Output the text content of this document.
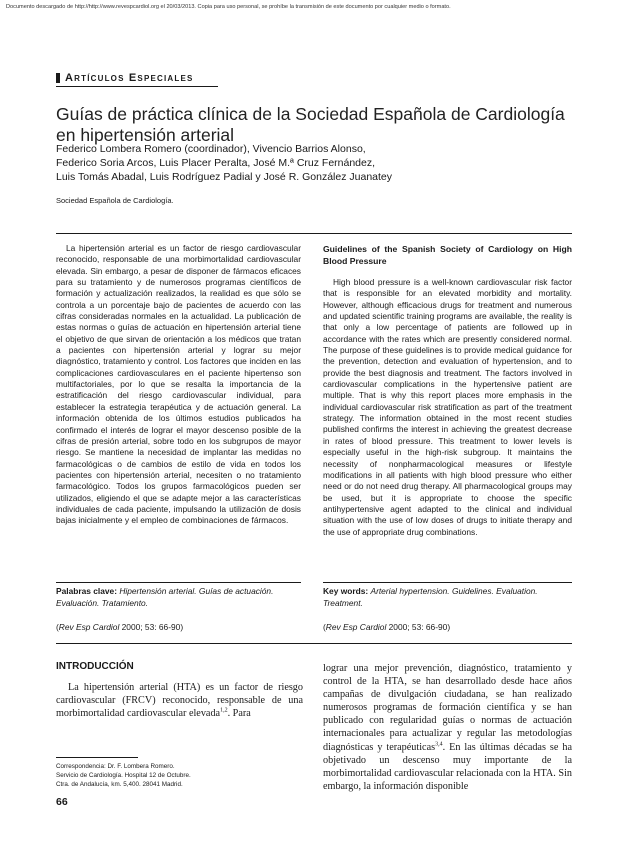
Documento descargado de http://http://www.revespcardiol.org el 20/03/2013. Copia para uso personal, se prohíbe la transmisión de este documento por cualquier medio o formato.
Artículos Especiales
Guías de práctica clínica de la Sociedad Española de Cardiología en hipertensión arterial
Federico Lombera Romero (coordinador), Vivencio Barrios Alonso,
Federico Soria Arcos, Luis Placer Peralta, José M.ª Cruz Fernández,
Luis Tomás Abadal, Luis Rodríguez Padial y José R. González Juanatey
Sociedad Española de Cardiología.

La hipertensión arterial es un factor de riesgo cardiovascular reconocido, responsable de una morbimortalidad cardiovascular elevada. Sin embargo, a pesar de disponer de fármacos eficaces para su tratamiento y de numerosos programas científicos de formación y actualización realizados, la realidad es que sólo se controla a un porcentaje bajo de pacientes de acuerdo con las cifras consideradas normales en la actualidad. La publicación de estas normas o guías de actuación en hipertensión arterial tiene el objetivo de que sirvan de orientación a los médicos que tratan a pacientes con hipertensión arterial y lograr su mejor diagnóstico, tratamiento y control. Los factores que inciden en las complicaciones cardiovasculares en el paciente hipertenso son multifactoriales, por lo que se resalta la importancia de la estratificación del riesgo cardiovascular individual, para establecer la estrategia terapéutica y de actuación general. La información obtenida de los últimos estudios publicados ha confirmado el interés de lograr el mayor descenso posible de la cifras de presión arterial, sobre todo en los subgrupos de mayor riesgo. Se mantiene la necesidad de implantar las medidas no farmacológicas o de cambios de estilo de vida en todos los pacientes con hipertensión arterial, necesiten o no tratamiento farmacológico. Todos los grupos farmacológicos pueden ser utilizados, eligiendo el que se adapte mejor a las características individuales de cada paciente, impulsando la utilización de dosis bajas inicialmente y el empleo de combinaciones de fármacos.

Guidelines of the Spanish Society of Cardiology on High Blood Pressure

High blood pressure is a well-known cardiovascular risk factor that is responsible for an elevated morbidity and mortality. However, although efficacious drugs for treatment and numerous and updated scientific training programs are available, the reality is that only a low percentage of patients are followed up in accordance with the rates which are presently considered normal. The purpose of these guidelines is to provide medical guidance for the prevention, detection and evaluation of hypertension, and to provide the best diagnosis and treatment. The factors involved in cardiovascular complications in the hypertensive patient are multiple. That is why this report places more emphasis in the individual cardiovascular risk stratification as part of the treatment strategy. The information obtained in the most recent studies published confirms the interest in achieving the greatest decrease in rates of blood pressure. This treatment to lower levels is especially useful in the high-risk subgroup. It maintains the necessity of nonpharmacological measures or lifestyle modifications in all patients with high blood pressure who either need or do not need drug therapy. All pharmacological groups may be used, but it is appropriate to choose the specific antihypertensive agent adapted to the clinical and individual situation with the use of low doses of drugs to initiate therapy and the use of appropriate drug combinations.

Palabras clave: Hipertensión arterial. Guías de actuación. Evaluación. Tratamiento.
Key words: Arterial hypertension. Guidelines. Evaluation. Treatment.
(Rev Esp Cardiol 2000; 53: 66-90)	(Rev Esp Cardiol 2000; 53: 66-90)
INTRODUCCIÓN

La hipertensión arterial (HTA) es un factor de riesgo cardiovascular (FRCV) reconocido, responsable de una morbimortalidad cardiovascular elevada$^{1,2}$. Para

lograr una mejor prevención, diagnóstico, tratamiento y control de la HTA, se han desarrollado desde hace años campañas de divulgación ciudadana, se han realizado numerosos programas de formación científica y se han publicado con regularidad guías o normas de actuación internacionales para actualizar y regular las metodologías diagnósticas y terapéuticas$^{3,4}$. En las últimas décadas se ha objetivado un descenso muy importante de la morbimortalidad cardiovascular relacionada con la HTA. Sin embargo, la información disponible

Correspondencia: Dr. F. Lombera Romero.
Servicio de Cardiología. Hospital 12 de Octubre.
Ctra. de Andalucía, km. 5,400. 28041 Madrid.
66
